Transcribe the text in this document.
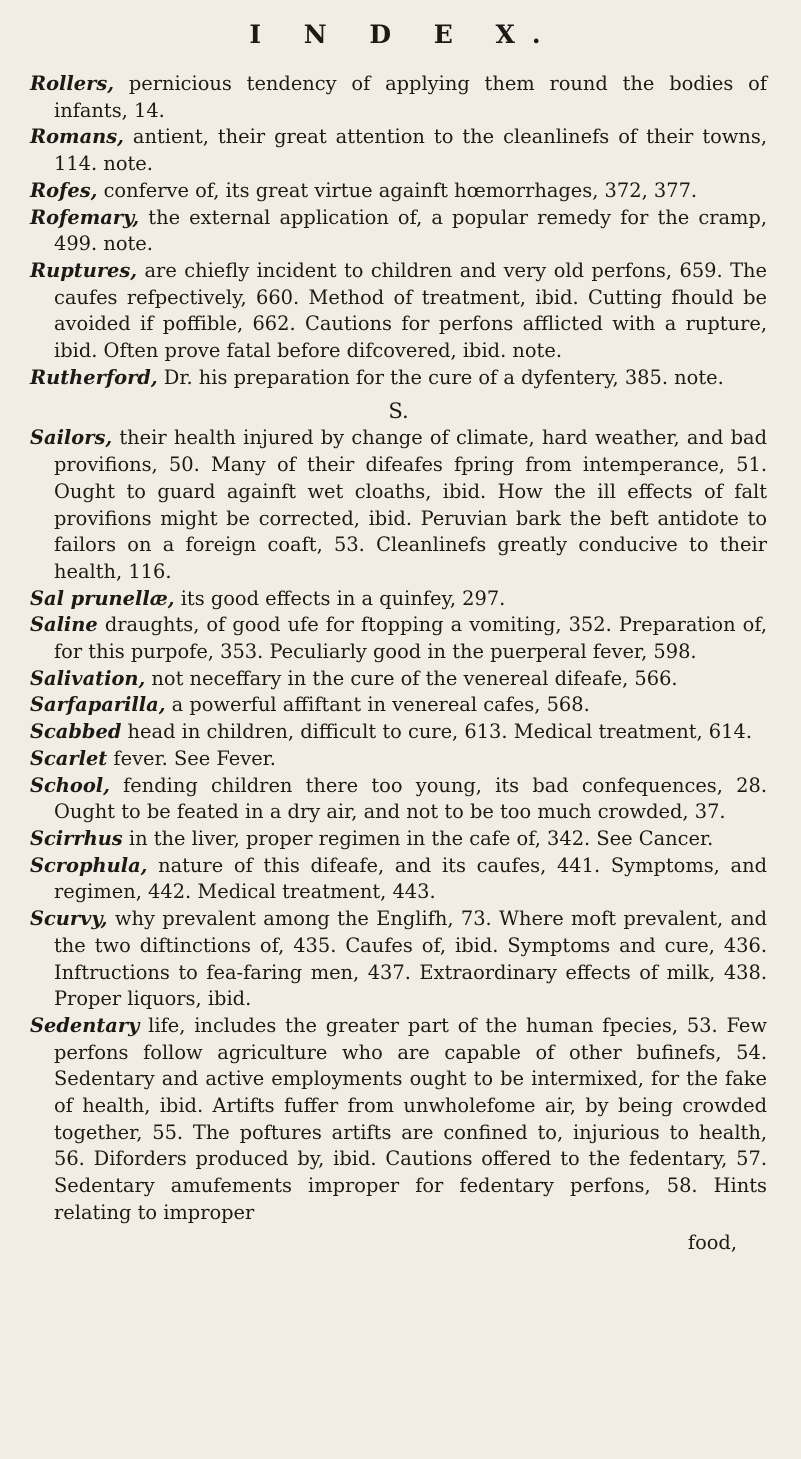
I N D E X.

Rollers, pernicious tendency of applying them round the bodies of infants, 14.

Romans, antient, their great attention to the cleanlinefs of their towns, 114. note.

Rofes, conferve of, its great virtue againft hœmorrhages, 372, 377.

Rofemary, the external application of, a popular remedy for the cramp, 499. note.

Ruptures, are chiefly incident to children and very old perfons, 659. The caufes refpectively, 660. Method of treatment, ibid. Cutting fhould be avoided if poffible, 662. Cautions for perfons afflicted with a rupture, ibid. Often prove fatal before difcovered, ibid. note.

Rutherford, Dr. his preparation for the cure of a dyfentery, 385. note.

S.

Sailors, their health injured by change of climate, hard weather, and bad provifions, 50. Many of their difeafes fpring from intemperance, 51. Ought to guard againft wet cloaths, ibid. How the ill effects of falt provifions might be corrected, ibid. Peruvian bark the beft antidote to failors on a foreign coaft, 53. Cleanlinefs greatly conducive to their health, 116.

Sal prunellæ, its good effects in a quinfey, 297.

Saline draughts, of good ufe for ftopping a vomiting, 352. Preparation of, for this purpofe, 353. Peculiarly good in the puerperal fever, 598.

Salivation, not neceffary in the cure of the venereal difeafe, 566.

Sarfaparilla, a powerful affiftant in venereal cafes, 568.

Scabbed head in children, difficult to cure, 613. Medical treatment, 614.

Scarlet fever. See Fever.

School, fending children there too young, its bad confequences, 28. Ought to be feated in a dry air, and not to be too much crowded, 37.

Scirrhus in the liver, proper regimen in the cafe of, 342. See Cancer.

Scrophula, nature of this difeafe, and its caufes, 441. Symptoms, and regimen, 442. Medical treatment, 443.

Scurvy, why prevalent among the Englifh, 73. Where moft prevalent, and the two diftinctions of, 435. Caufes of, ibid. Symptoms and cure, 436. Inftructions to fea-faring men, 437. Extraordinary effects of milk, 438. Proper liquors, ibid.

Sedentary life, includes the greater part of the human fpecies, 53. Few perfons follow agriculture who are capable of other bufinefs, 54. Sedentary and active employments ought to be intermixed, for the fake of health, ibid. Artifts fuffer from unwholefome air, by being crowded together, 55. The poftures artifts are confined to, injurious to health, 56. Diforders produced by, ibid. Cautions offered to the fedentary, 57. Sedentary amufements improper for fedentary perfons, 58. Hints relating to improper

food,
